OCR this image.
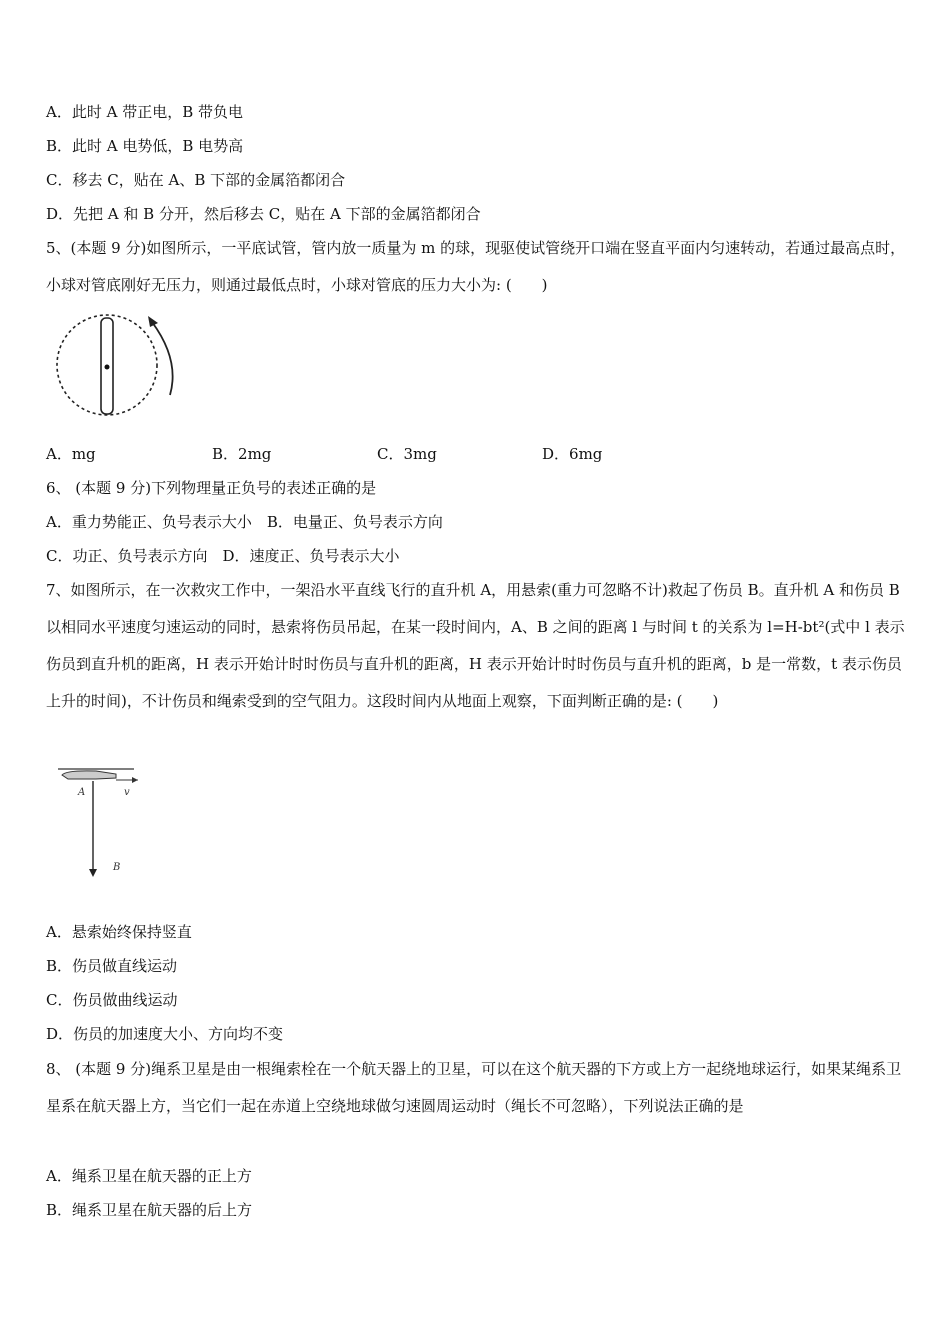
A．此时 A 带正电，B 带负电
B．此时 A 电势低，B 电势高
C．移去 C，贴在 A、B 下部的金属箔都闭合
D．先把 A 和 B 分开，然后移去 C，贴在 A 下部的金属箔都闭合
5、(本题 9 分)如图所示，一平底试管，管内放一质量为 m 的球，现驱使试管绕开口端在竖直平面内匀速转动，若通过最高点时，小球对管底刚好无压力，则通过最低点时，小球对管底的压力大小为: (　　)
A．mg	B．2mg	C．3mg	D．6mg
6、 (本题 9 分)下列物理量正负号的表述正确的是
A．重力势能正、负号表示大小　B．电量正、负号表示方向
C．功正、负号表示方向　D．速度正、负号表示大小
7、如图所示，在一次救灾工作中，一架沿水平直线飞行的直升机 A，用悬索(重力可忽略不计)救起了伤员 B。直升机 A 和伤员 B 以相同水平速度匀速运动的同时，悬索将伤员吊起，在某一段时间内，A、B 之间的距离 l 与时间 t 的关系为 l=H-bt²(式中 l 表示伤员到直升机的距离，H 表示开始计时时伤员与直升机的距离，H 表示开始计时时伤员与直升机的距离，b 是一常数，t 表示伤员上升的时间)，不计伤员和绳索受到的空气阻力。这段时间内从地面上观察，下面判断正确的是: (　　)
A	v
B
A．悬索始终保持竖直
B．伤员做直线运动
C．伤员做曲线运动
D．伤员的加速度大小、方向均不变
8、 (本题 9 分)绳系卫星是由一根绳索栓在一个航天器上的卫星，可以在这个航天器的下方或上方一起绕地球运行，如果某绳系卫星系在航天器上方，当它们一起在赤道上空绕地球做匀速圆周运动时（绳长不可忽略），下列说法正确的是
A．绳系卫星在航天器的正上方
B．绳系卫星在航天器的后上方
